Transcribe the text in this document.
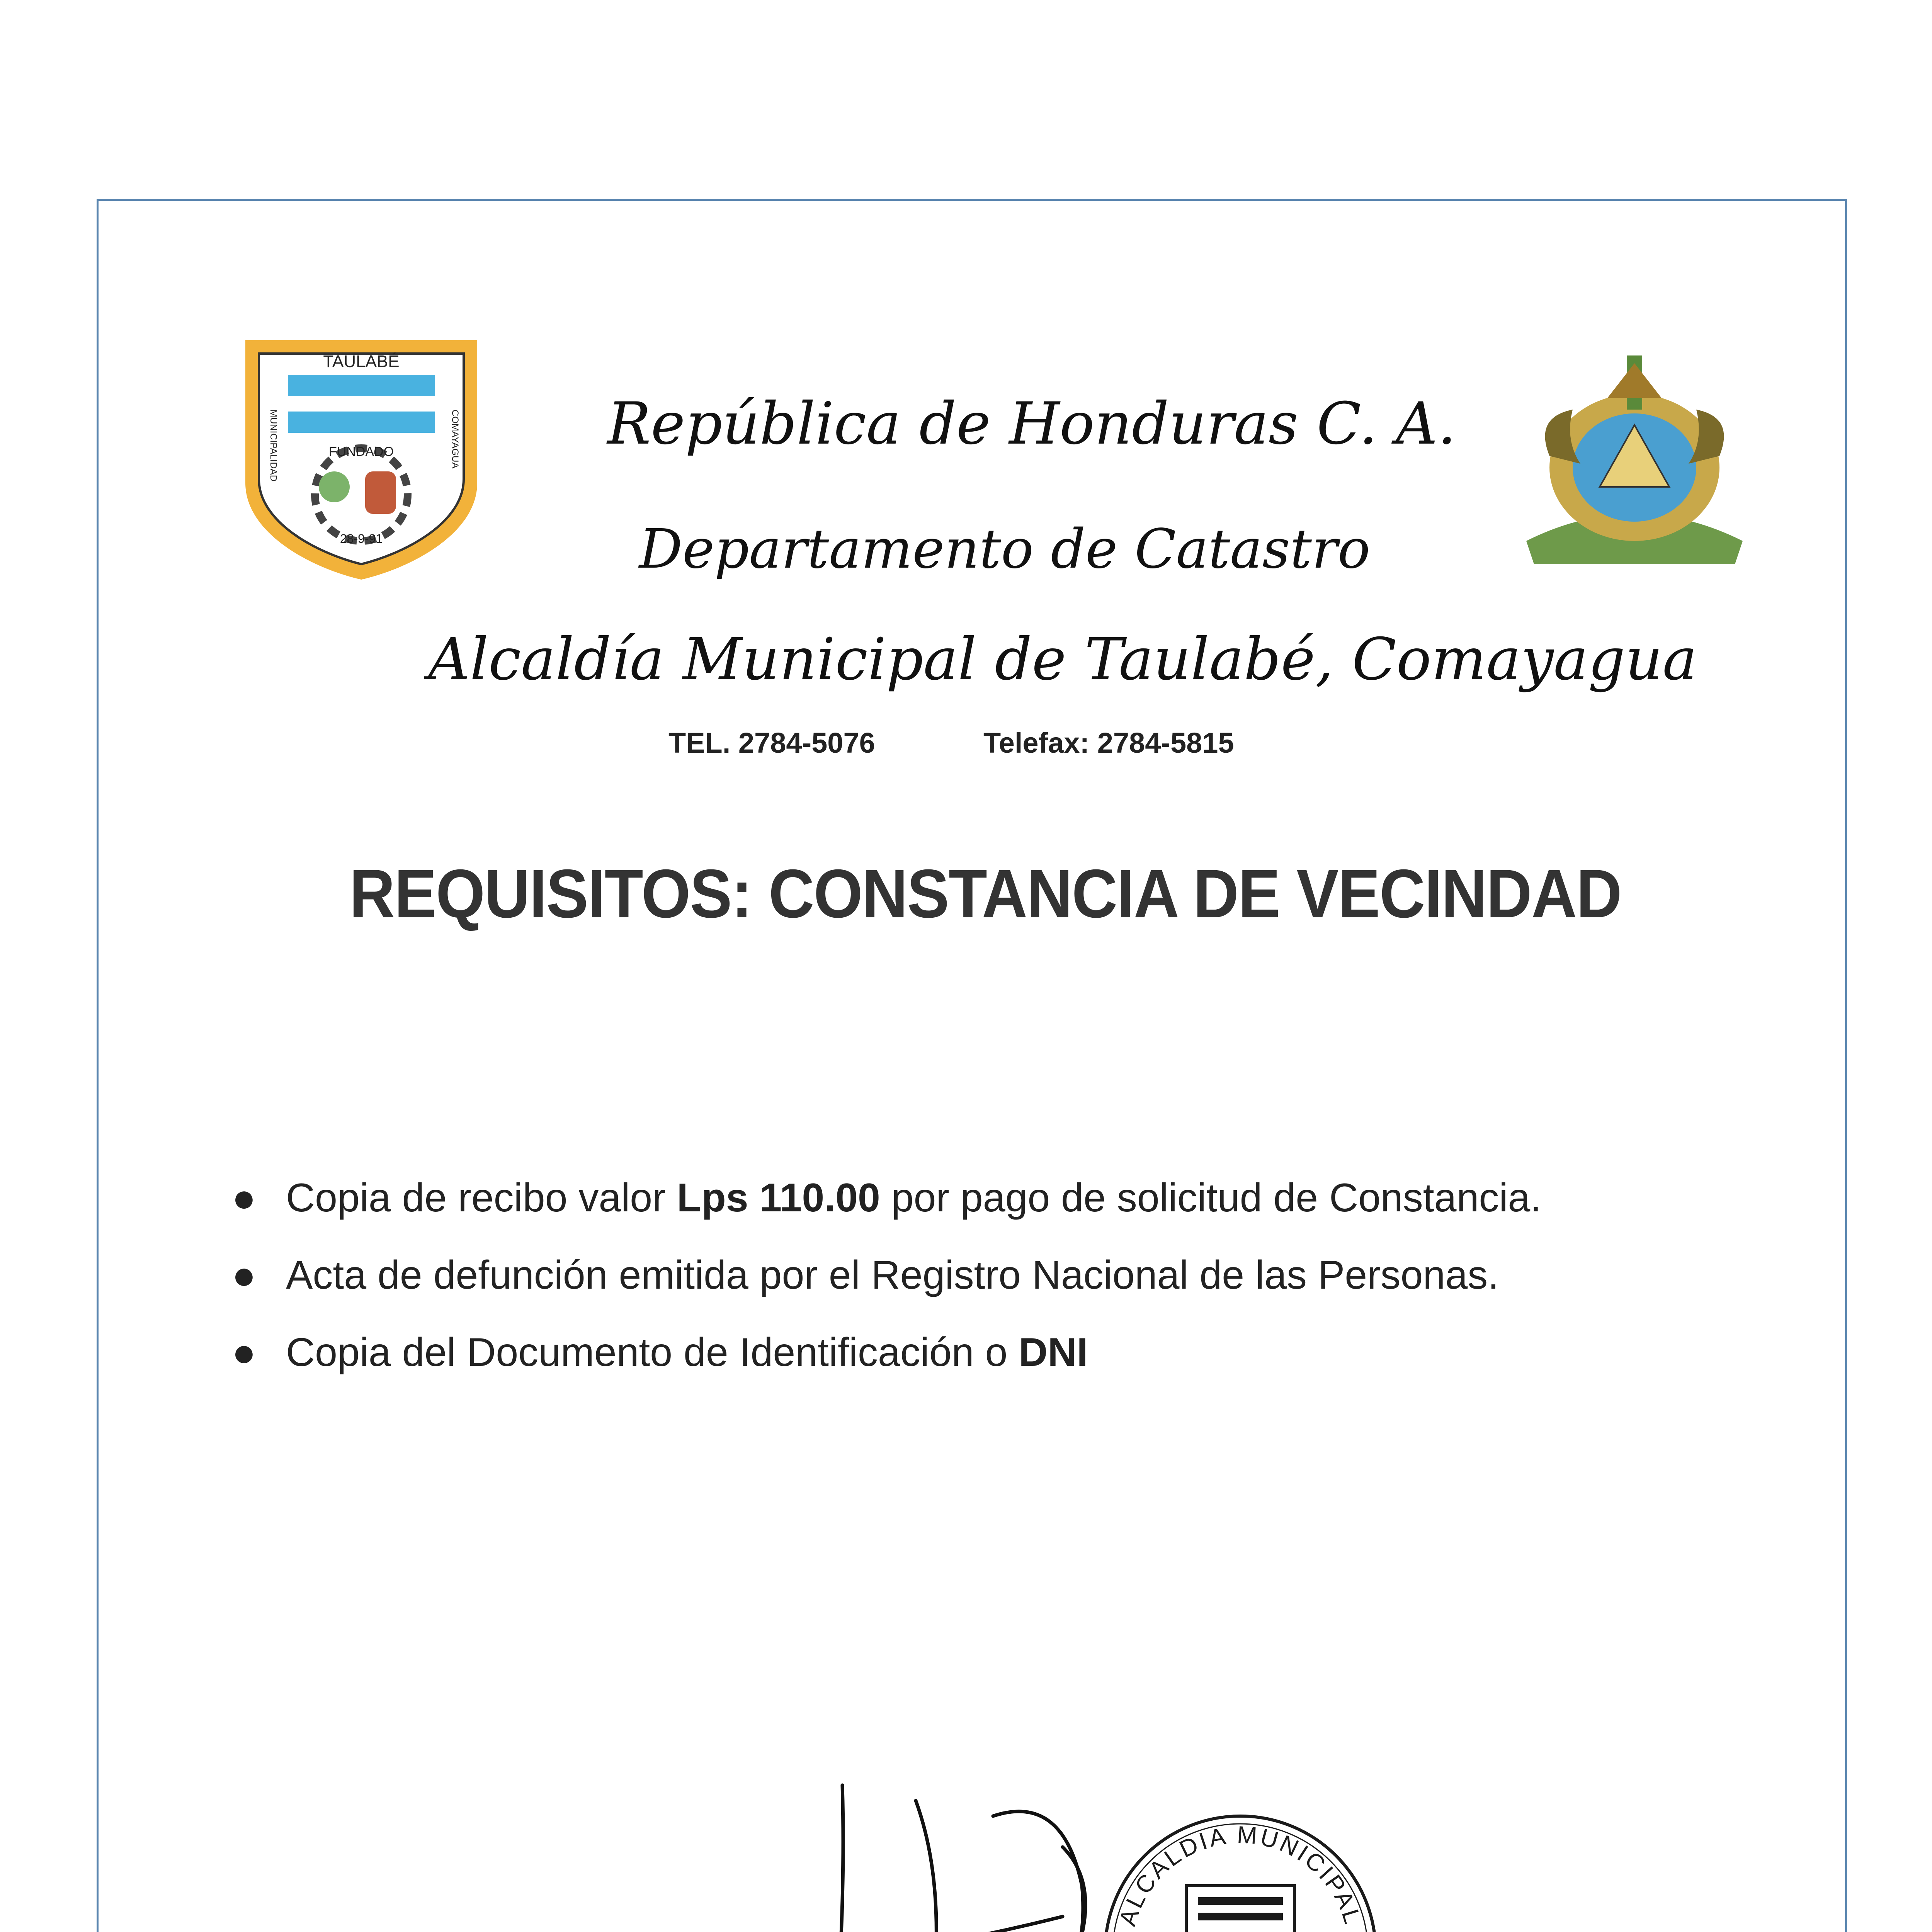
TAULABÉ
FUNDADO
28-9-91
MUNICIPALIDAD	COMAYAGUA	República de Honduras C. A.
Departamento de Catastro
Alcaldía Municipal de Taulabé, Comayagua
TEL. 2784-5076	Telefax: 2784-5815
REQUISITOS: CONSTANCIA DE VECINDAD
● Copia de recibo valor Lps 110.00 por pago de solicitud de Constancia.
● Acta de defunción emitida por el Registro Nacional de las Personas.
● Copia del Documento de Identificación o DNI
ALCALDIA MUNICIPAL
